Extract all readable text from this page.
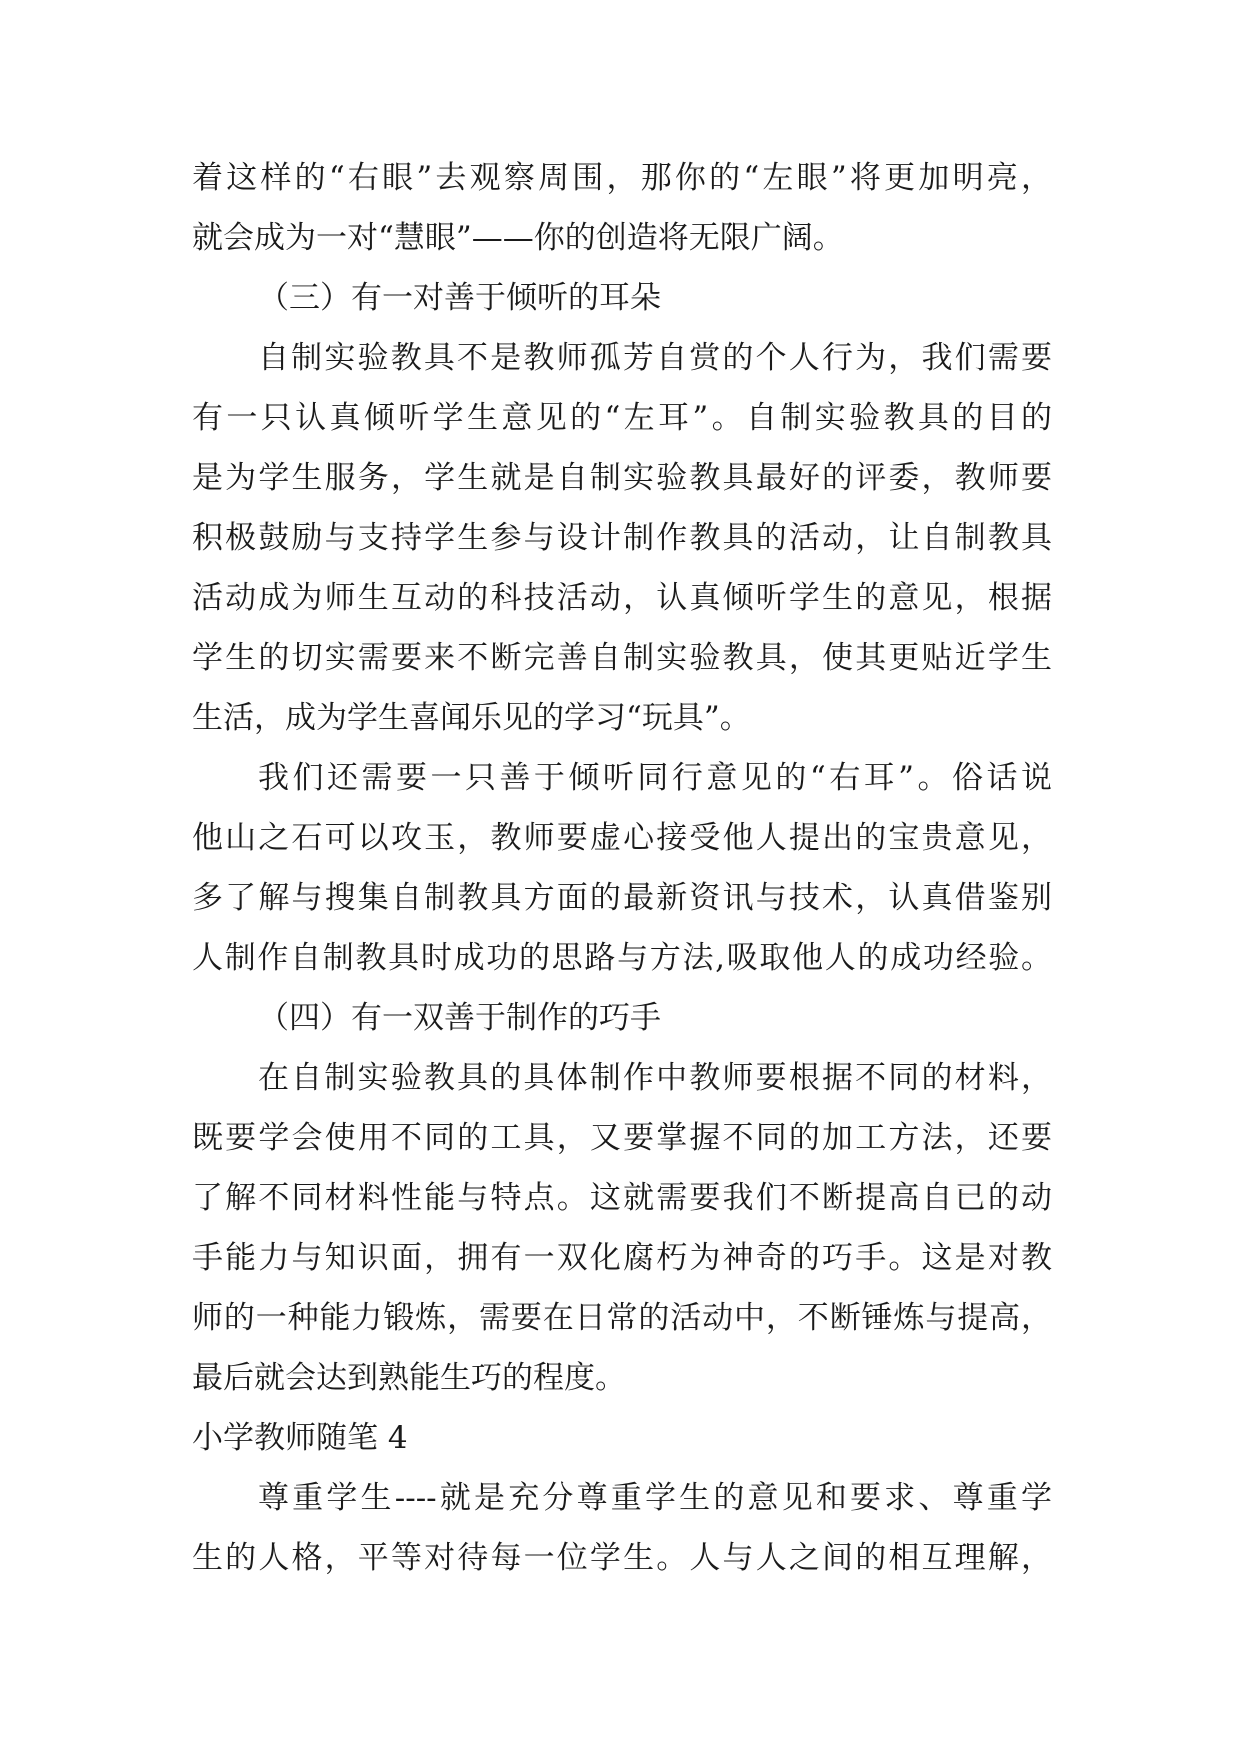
着这样的“右眼”去观察周围，那你的“左眼”将更加明亮，
就会成为一对“慧眼”——你的创造将无限广阔。
（三）有一对善于倾听的耳朵
自制实验教具不是教师孤芳自赏的个人行为，我们需要
有一只认真倾听学生意见的“左耳”。自制实验教具的目的
是为学生服务，学生就是自制实验教具最好的评委，教师要
积极鼓励与支持学生参与设计制作教具的活动，让自制教具
活动成为师生互动的科技活动，认真倾听学生的意见，根据
学生的切实需要来不断完善自制实验教具，使其更贴近学生
生活，成为学生喜闻乐见的学习“玩具”。
我们还需要一只善于倾听同行意见的“右耳”。俗话说
他山之石可以攻玉，教师要虚心接受他人提出的宝贵意见，
多了解与搜集自制教具方面的最新资讯与技术，认真借鉴别
人制作自制教具时成功的思路与方法,吸取他人的成功经验。
（四）有一双善于制作的巧手
在自制实验教具的具体制作中教师要根据不同的材料，
既要学会使用不同的工具，又要掌握不同的加工方法，还要
了解不同材料性能与特点。这就需要我们不断提高自已的动
手能力与知识面，拥有一双化腐朽为神奇的巧手。这是对教
师的一种能力锻炼，需要在日常的活动中，不断锤炼与提高，
最后就会达到熟能生巧的程度。
小学教师随笔 4
尊重学生----就是充分尊重学生的意见和要求、尊重学
生的人格，平等对待每一位学生。人与人之间的相互理解，
